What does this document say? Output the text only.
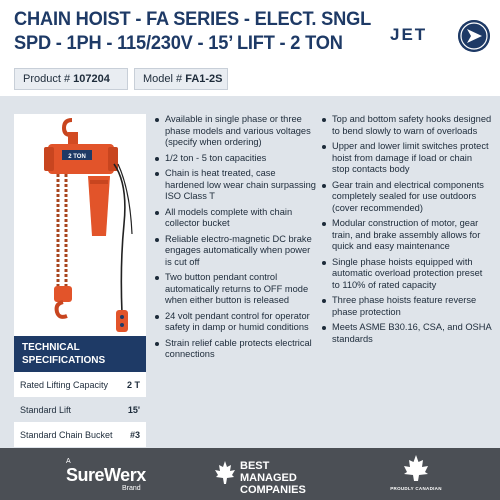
CHAIN HOIST - FA SERIES - ELECT. SNGL
SPD - 1PH - 115/230V - 15’ LIFT - 2 TON	JET
Product # 107204	Model # FA1-2S
2 TON
TECHNICAL
SPECIFICATIONS
Rated Lifting Capacity 2 T
Standard Lift	15'
Standard Chain Bucket #3
Available in single phase or three phase models and various voltages (specify when ordering)
1/2 ton - 5 ton capacities
Chain is heat treated, case hardened low wear chain surpassing ISO Class T
All models complete with chain collector bucket
Reliable electro-magnetic DC brake engages automatically when power is cut off
Two button pendant control automatically returns to OFF mode when either button is released
24 volt pendant control for operator safety in damp or humid conditions
Strain relief cable protects electrical connections
Top and bottom safety hooks designed to bend slowly to warn of overloads
Upper and lower limit switches protect hoist from damage if load or chain stop contacts body
Gear train and electrical components completely sealed for use outdoors (cover recommended)
Modular construction of motor, gear train, and brake assembly allows for quick and easy maintenance
Single phase hoists equipped with automatic overload protection preset to 110% of rated capacity
Three phase hoists feature reverse phase protection
Meets ASME B30.16, CSA, and OSHA standards
A
SureWerx
Brand
BEST
MANAGED
COMPANIES	PROUDLY CANADIAN
